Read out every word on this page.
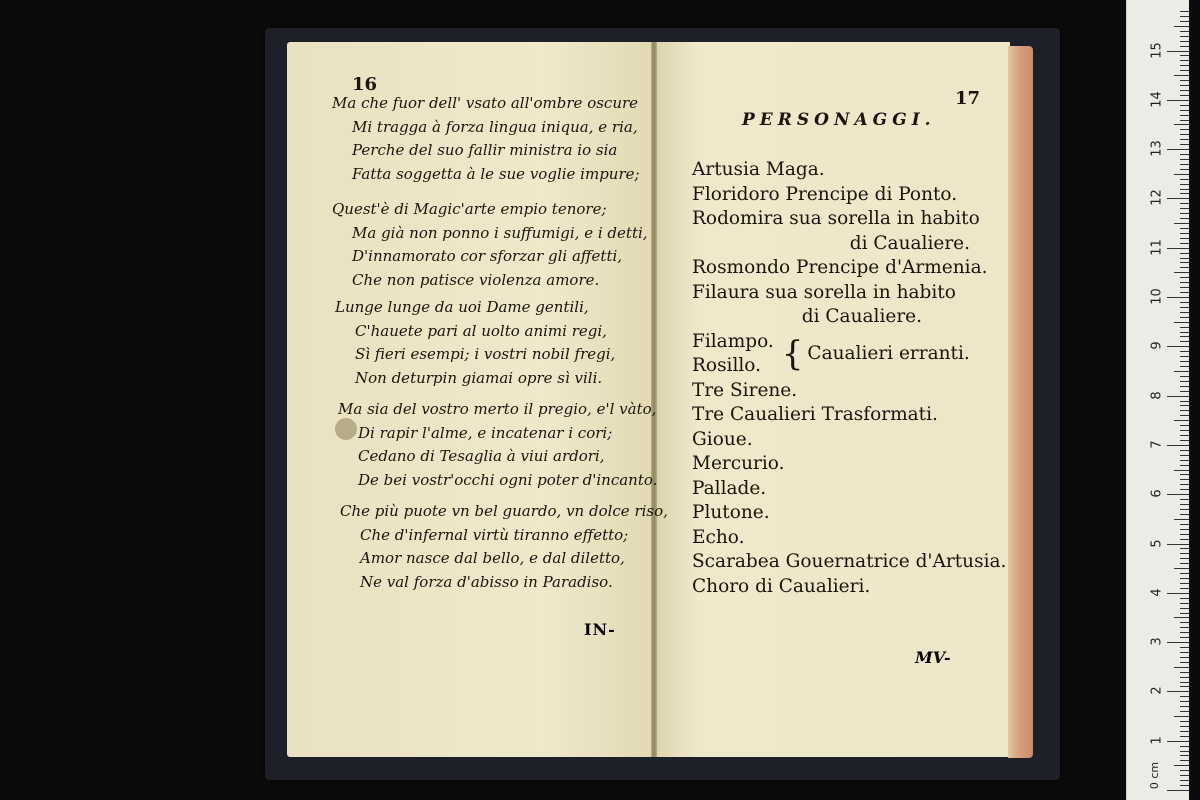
16
Ma che fuor dell' vsato all'ombre oscure
Mi tragga à forza lingua iniqua, e ria,
Perche del suo fallir ministra io sia
Fatta soggetta à le sue voglie impure;
Quest'è di Magic'arte empio tenore;
Ma già non ponno i suffumigi, e i detti,
D'innamorato cor sforzar gli affetti,
Che non patisce violenza amore.
Lunge lunge da uoi Dame gentili,
C'hauete pari al uolto animi regi,
Sì fieri esempi; i vostri nobil fregi,
Non deturpin giamai opre sì vili.
Ma sia del vostro merto il pregio, e'l vàto,
Di rapir l'alme, e incatenar i cori;
Cedano di Tesaglia à viui ardori,
De bei vostr'occhi ogni poter d'incanto.
Che più puote vn bel guardo, vn dolce riso,
Che d'infernal virtù tiranno effetto;
Amor nasce dal bello, e dal diletto,
Ne val forza d'abisso in Paradiso.
IN-
17
PERSONAGGI.
Artusia Maga.
Floridoro Prencipe di Ponto.
Rodomira sua sorella in habito
di Caualiere.
Rosmondo Prencipe d'Armenia.
Filaura sua sorella in habito
di Caualiere.
Filampo.
Rosillo. { Caualieri erranti.
Tre Sirene.
Tre Caualieri Trasformati.
Gioue.
Mercurio.
Pallade.
Plutone.
Echo.
Scarabea Gouernatrice d'Artusia.
Choro di Caualieri.
MV-
0 cm
1
2
3
4
5
6
7
8
9
10
11
12
13
14
15
